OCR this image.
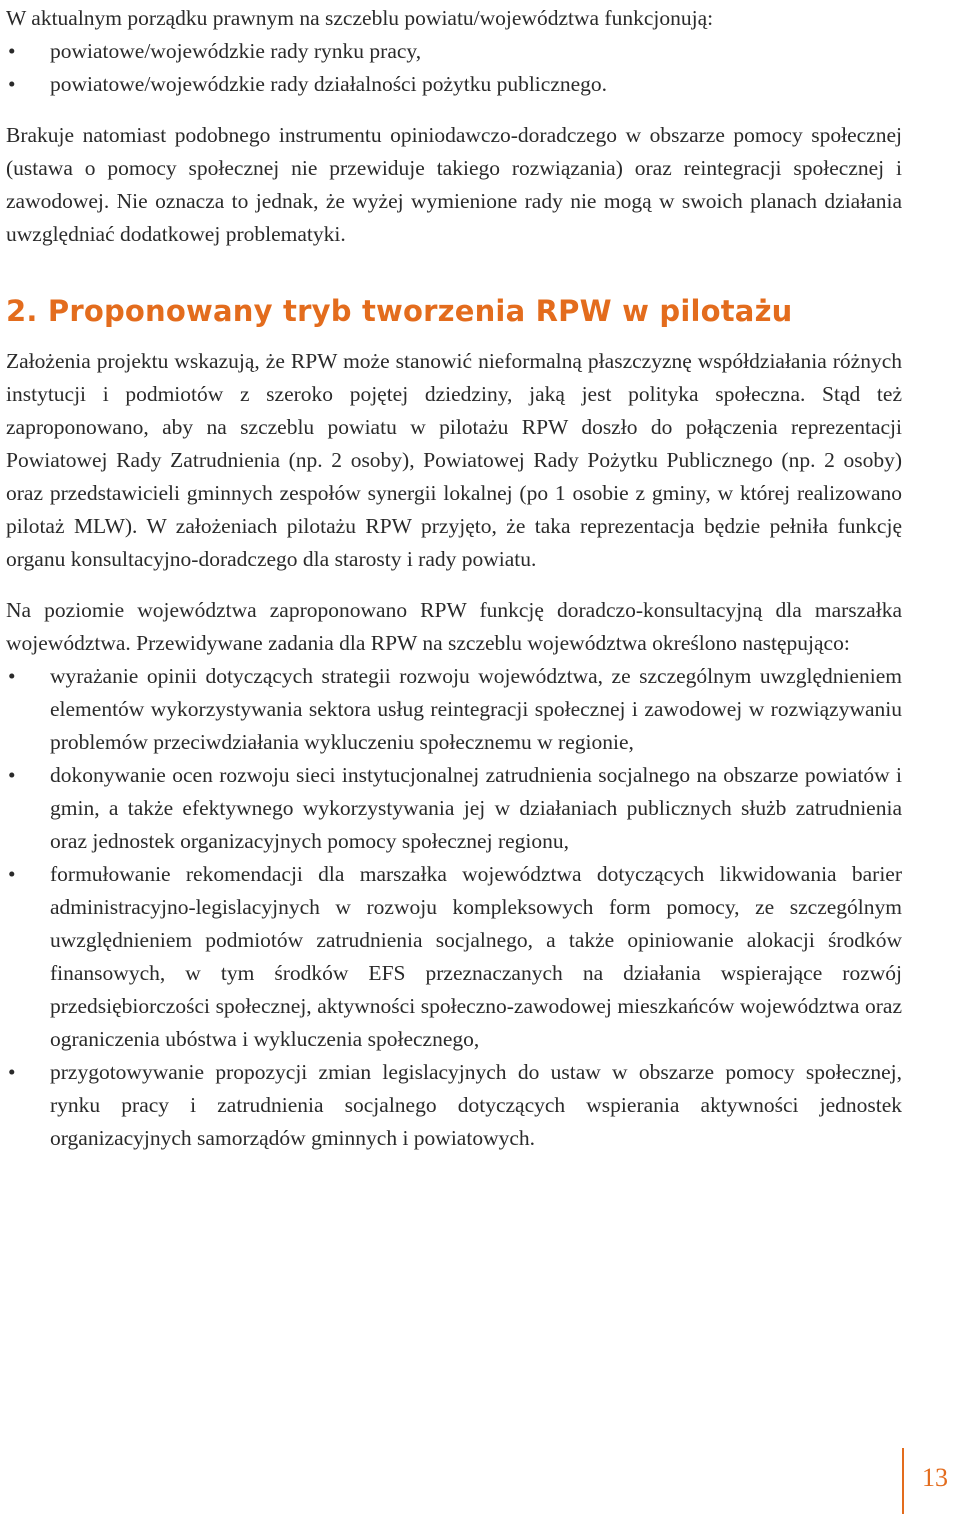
W aktualnym porządku prawnym na szczeblu powiatu/województwa funkcjonują:

• powiatowe/wojewódzkie rady rynku pracy,
• powiatowe/wojewódzkie rady działalności pożytku publicznego.

Brakuje natomiast podobnego instrumentu opiniodawczo-doradczego w obszarze pomocy społecznej (ustawa o pomocy społecznej nie przewiduje takiego rozwiązania) oraz reintegracji społecznej i zawodowej. Nie oznacza to jednak, że wyżej wymienione rady nie mogą w swoich planach działania uwzględniać dodatkowej problematyki.

2. Proponowany tryb tworzenia RPW w pilotażu

Założenia projektu wskazują, że RPW może stanowić nieformalną płaszczyznę współdziałania różnych instytucji i podmiotów z szeroko pojętej dziedziny, jaką jest polityka społeczna. Stąd też zaproponowano, aby na szczeblu powiatu w pilotażu RPW doszło do połączenia reprezentacji Powiatowej Rady Zatrudnienia (np. 2 osoby), Powiatowej Rady Pożytku Publicznego (np. 2 osoby) oraz przedstawicieli gminnych zespołów synergii lokalnej (po 1 osobie z gminy, w której realizowano pilotaż MLW). W założeniach pilotażu RPW przyjęto, że taka reprezentacja będzie pełniła funkcję organu konsultacyjno-doradczego dla starosty i rady powiatu.

Na poziomie województwa zaproponowano RPW funkcję doradczo-konsultacyjną dla marszałka województwa. Przewidywane zadania dla RPW na szczeblu województwa określono następująco:

• wyrażanie opinii dotyczących strategii rozwoju województwa, ze szczególnym uwzględnieniem elementów wykorzystywania sektora usług reintegracji społecznej i zawodowej w rozwiązywaniu problemów przeciwdziałania wykluczeniu społecznemu w regionie,
• dokonywanie ocen rozwoju sieci instytucjonalnej zatrudnienia socjalnego na obszarze powiatów i gmin, a także efektywnego wykorzystywania jej w działaniach publicznych służb zatrudnienia oraz jednostek organizacyjnych pomocy społecznej regionu,
• formułowanie rekomendacji dla marszałka województwa dotyczących likwidowania barier administracyjno-legislacyjnych w rozwoju kompleksowych form pomocy, ze szczególnym uwzględnieniem podmiotów zatrudnienia socjalnego, a także opiniowanie alokacji środków finansowych, w tym środków EFS przeznaczanych na działania wspierające rozwój przedsiębiorczości społecznej, aktywności społeczno-zawodowej mieszkańców województwa oraz ograniczenia ubóstwa i wykluczenia społecznego,
• przygotowywanie propozycji zmian legislacyjnych do ustaw w obszarze pomocy społecznej, rynku pracy i zatrudnienia socjalnego dotyczących wspierania aktywności jednostek organizacyjnych samorządów gminnych i powiatowych.
13
